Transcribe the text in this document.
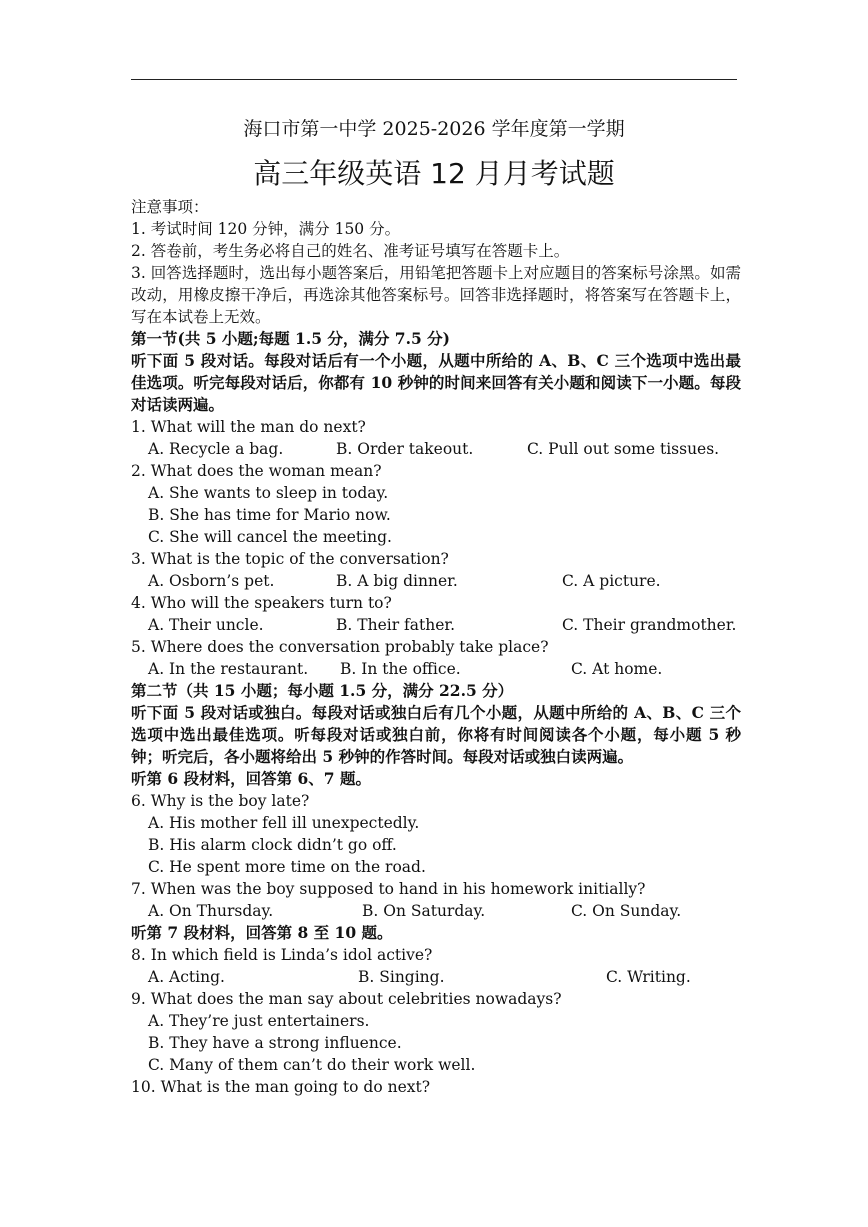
海口市第一中学 2025-2026 学年度第一学期
高三年级英语 12 月月考试题
注意事项：
1. 考试时间 120 分钟，满分 150 分。
2. 答卷前，考生务必将自己的姓名、准考证号填写在答题卡上。
3. 回答选择题时，选出每小题答案后，用铅笔把答题卡上对应题目的答案标号涂黑。如需改动，用橡皮擦干净后，再选涂其他答案标号。回答非选择题时，将答案写在答题卡上，写在本试卷上无效。
第一节(共 5 小题;每题 1.5 分，满分 7.5 分)
听下面 5 段对话。每段对话后有一个小题，从题中所给的 A、B、C 三个选项中选出最佳选项。听完每段对话后，你都有 10 秒钟的时间来回答有关小题和阅读下一小题。每段对话读两遍。
1. What will the man do next?
A. Recycle a bag.	B. Order takeout.	C. Pull out some tissues.
2. What does the woman mean?
A. She wants to sleep in today.
B. She has time for Mario now.
C. She will cancel the meeting.
3. What is the topic of the conversation?
A. Osborn’s pet.	B. A big dinner.	C. A picture.
4. Who will the speakers turn to?
A. Their uncle.	B. Their father.	C. Their grandmother.
5. Where does the conversation probably take place?
A. In the restaurant. B. In the office.	C. At home.
第二节（共 15 小题；每小题 1.5 分，满分 22.5 分）
听下面 5 段对话或独白。每段对话或独白后有几个小题，从题中所给的 A、B、C 三个选项中选出最佳选项。听每段对话或独白前，你将有时间阅读各个小题，每小题 5 秒钟；听完后，各小题将给出 5 秒钟的作答时间。每段对话或独白读两遍。
听第 6 段材料，回答第 6、7 题。
6. Why is the boy late?
A. His mother fell ill unexpectedly.
B. His alarm clock didn’t go off.
C. He spent more time on the road.
7. When was the boy supposed to hand in his homework initially?
A. On Thursday.	B. On Saturday.	C. On Sunday.
听第 7 段材料，回答第 8 至 10 题。
8. In which field is Linda’s idol active?
A. Acting.	B. Singing.	C. Writing.
9. What does the man say about celebrities nowadays?
A. They’re just entertainers.
B. They have a strong influence.
C. Many of them can’t do their work well.
10. What is the man going to do next?
